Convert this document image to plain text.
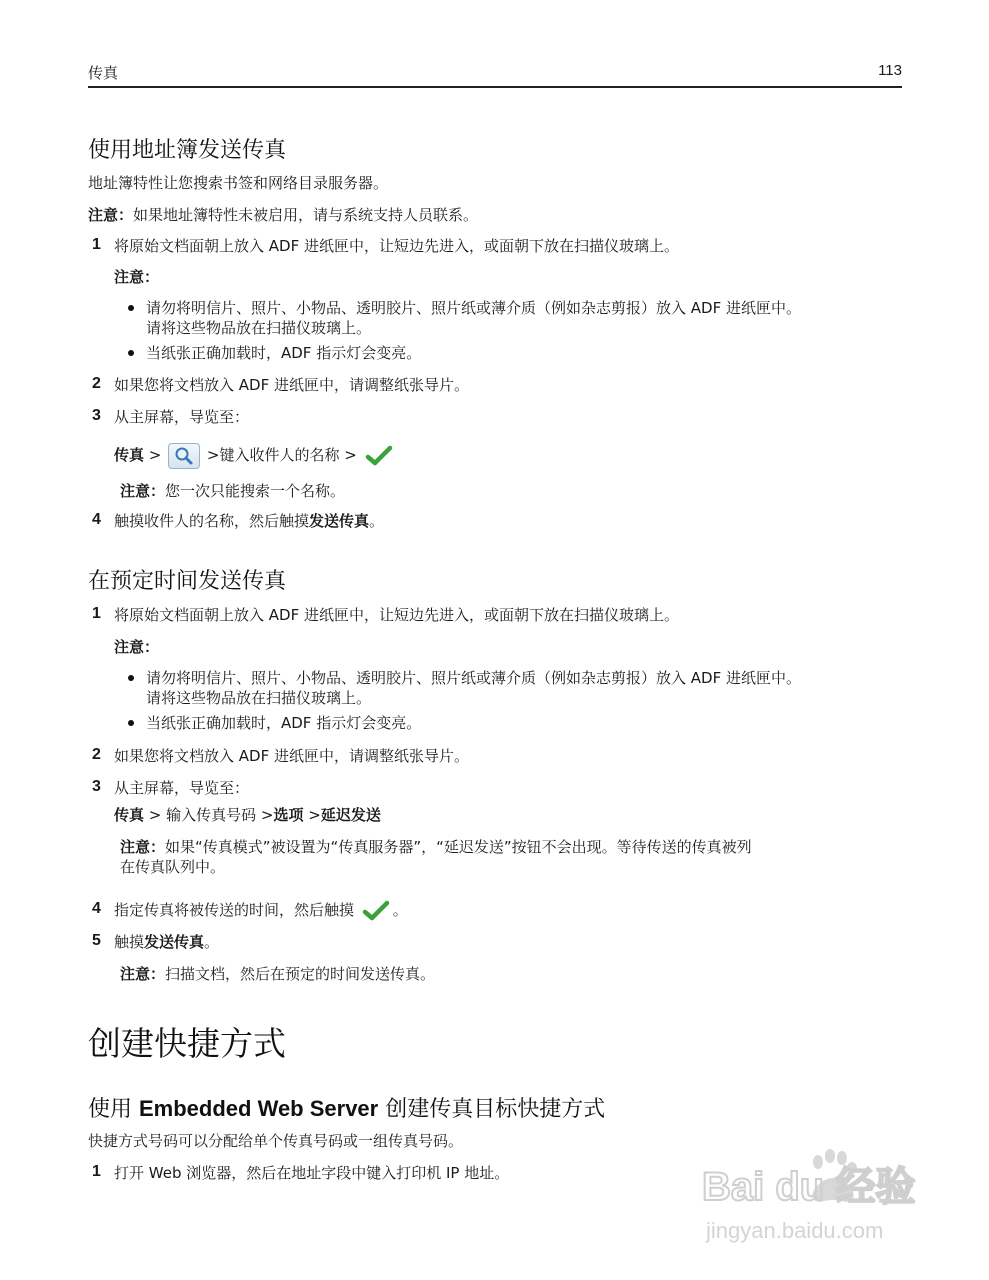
传真	113
使用地址簿发送传真
地址簿特性让您搜索书签和网络目录服务器。
注意：如果地址簿特性未被启用，请与系统支持人员联系。
1 将原始文档面朝上放入 ADF 进纸匣中，让短边先进入，或面朝下放在扫描仪玻璃上。
注意：
请勿将明信片、照片、小物品、透明胶片、照片纸或薄介质（例如杂志剪报）放入 ADF 进纸匣中。
请将这些物品放在扫描仪玻璃上。
当纸张正确加载时，ADF 指示灯会变亮。
2 如果您将文档放入 ADF 进纸匣中，请调整纸张导片。
3 从主屏幕，导览至：
传真 >	>键入收件人的名称 >
注意：您一次只能搜索一个名称。
4 触摸收件人的名称，然后触摸发送传真。
在预定时间发送传真
1 将原始文档面朝上放入 ADF 进纸匣中，让短边先进入，或面朝下放在扫描仪玻璃上。
注意：
请勿将明信片、照片、小物品、透明胶片、照片纸或薄介质（例如杂志剪报）放入 ADF 进纸匣中。
请将这些物品放在扫描仪玻璃上。
当纸张正确加载时，ADF 指示灯会变亮。
2 如果您将文档放入 ADF 进纸匣中，请调整纸张导片。
3 从主屏幕，导览至：
传真 > 输入传真号码 >选项 >延迟发送
注意：如果“传真模式”被设置为“传真服务器”，“延迟发送”按钮不会出现。等待传送的传真被列
在传真队列中。
4 指定传真将被传送的时间，然后触摸	。
5 触摸发送传真。
注意：扫描文档，然后在预定的时间发送传真。
创建快捷方式
使用 Embedded Web Server 创建传真目标快捷方式
快捷方式号码可以分配给单个传真号码或一组传真号码。
1 打开 Web 浏览器，然后在地址字段中键入打印机 IP 地址。	Bai du 经验
jingyan.baidu.com
